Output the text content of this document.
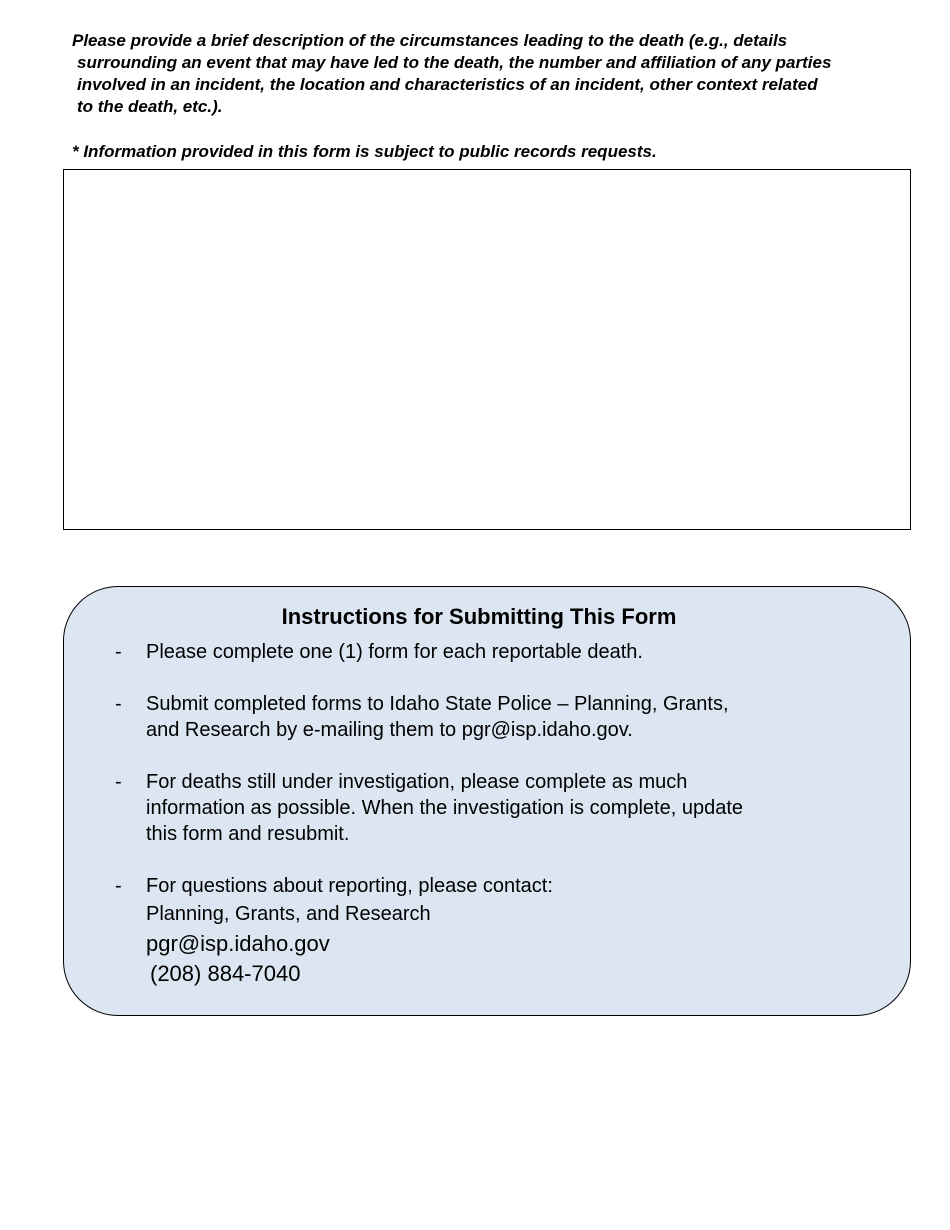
Please provide a brief description of the circumstances leading to the death (e.g., details
surrounding an event that may have led to the death, the number and affiliation of any parties
involved in an incident, the location and characteristics of an incident, other context related
to the death, etc.).
* Information provided in this form is subject to public records requests.
Instructions for Submitting This Form
- Please complete one (1) form for each reportable death.
- Submit completed forms to Idaho State Police – Planning, Grants,
and Research by e-mailing them to pgr@isp.idaho.gov.
- For deaths still under investigation, please complete as much
information as possible. When the investigation is complete, update
this form and resubmit.
- For questions about reporting, please contact:
Planning, Grants, and Research
pgr@isp.idaho.gov
(208) 884-7040
